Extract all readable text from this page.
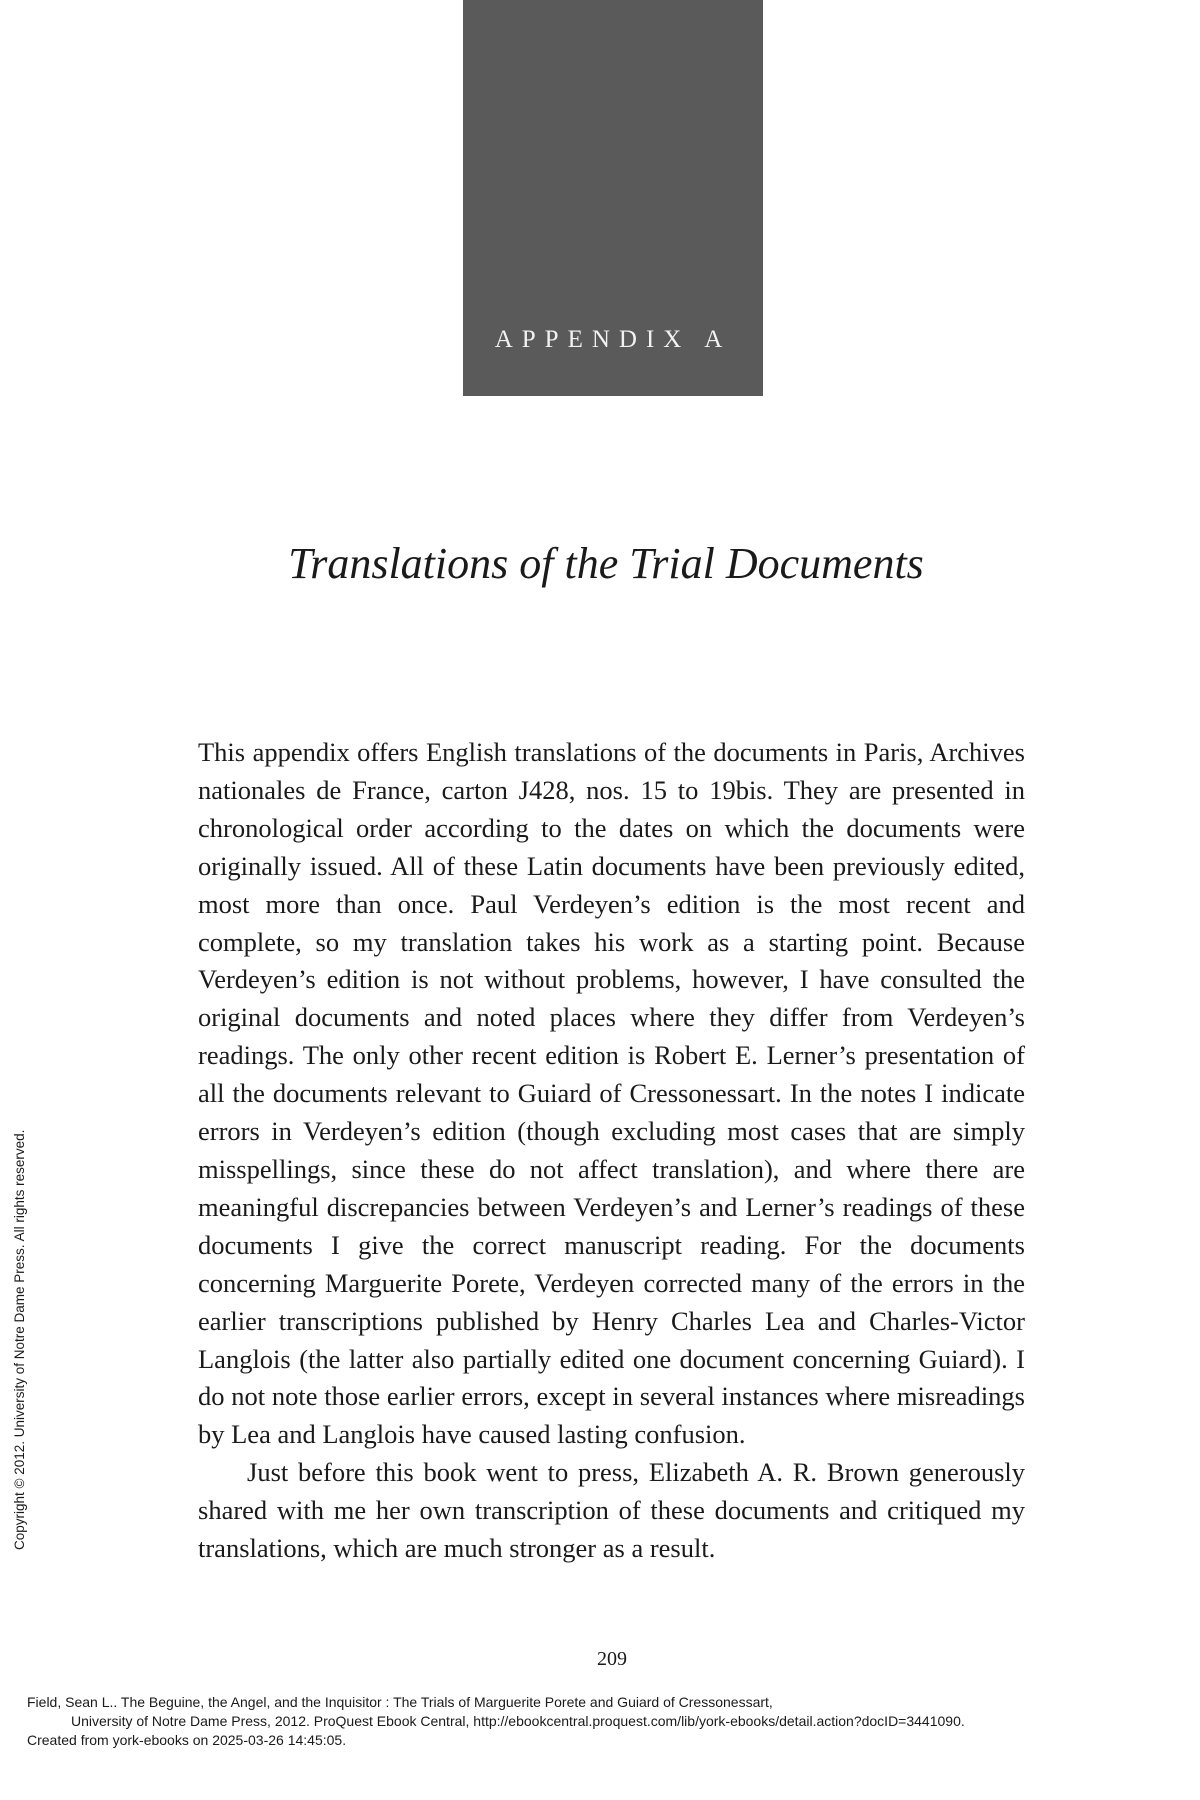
APPENDIX A
Translations of the Trial Documents

This appendix offers English translations of the documents in Paris, Archives nationales de France, carton J428, nos. 15 to 19bis. They are presented in chronological order according to the dates on which the documents were originally issued. All of these Latin documents have been previously edited, most more than once. Paul Verdeyen’s edition is the most recent and complete, so my translation takes his work as a starting point. Because Verdeyen’s edition is not without problems, however, I have consulted the original documents and noted places where they differ from Verdeyen’s readings. The only other recent edition is Robert E. Lerner’s presentation of all the documents relevant to Guiard of Cressonessart. In the notes I indicate errors in Verdeyen’s edition (though excluding most cases that are simply misspellings, since these do not affect translation), and where there are meaningful discrepancies between Verdeyen’s and Lerner’s readings of these documents I give the correct manuscript reading. For the documents concerning Marguerite Porete, Verdeyen corrected many of the errors in the earlier transcriptions published by Henry Charles Lea and Charles-Victor Langlois (the latter also partially edited one document concerning Guiard). I do not note those earlier errors, except in several instances where misreadings by Lea and Langlois have caused lasting confusion.

Just before this book went to press, Elizabeth A. R. Brown generously shared with me her own transcription of these documents and critiqued my translations, which are much stronger as a result.

209
Copyright © 2012. University of Notre Dame Press. All rights reserved.
Field, Sean L.. The Beguine, the Angel, and the Inquisitor : The Trials of Marguerite Porete and Guiard of Cressonessart,
University of Notre Dame Press, 2012. ProQuest Ebook Central, http://ebookcentral.proquest.com/lib/york-ebooks/detail.action?docID=3441090.
Created from york-ebooks on 2025-03-26 14:45:05.
